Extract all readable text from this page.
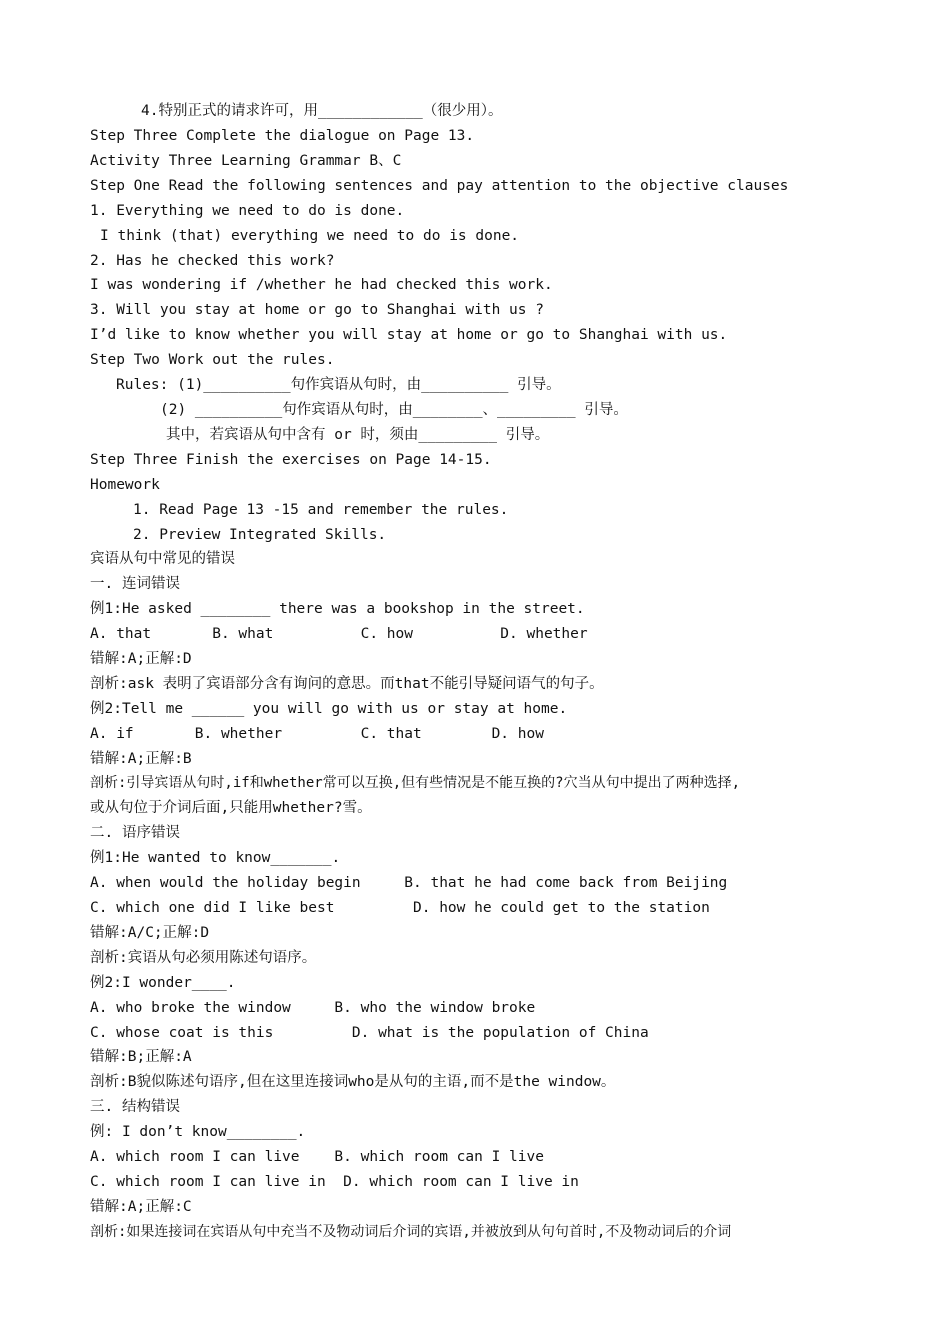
4.特别正式的请求许可，用____________（很少用）。
Step Three Complete the dialogue on Page 13.
Activity Three Learning Grammar B、C
Step One Read the following sentences and pay attention to the objective clauses
1. Everything we need to do is done.
I think (that) everything we need to do is done.
2. Has he checked this work?
I was wondering if /whether he had checked this work.
3. Will you stay at home or go to Shanghai with us ?
I’d like to know whether you will stay at home or go to Shanghai with us.
Step Two Work out the rules.
Rules: (1)__________句作宾语从句时，由__________ 引导。
(2) __________句作宾语从句时，由________、_________ 引导。
其中，若宾语从句中含有 or 时，须由_________ 引导。
Step Three Finish the exercises on Page 14-15.
Homework
1. Read Page 13 -15 and remember the rules.
2. Preview Integrated Skills.
宾语从句中常见的错误
一. 连词错误
例1:He asked ________ there was a bookshop in the street.
A. that       B. what          C. how          D. whether
错解:A;正解:D
剖析:ask 表明了宾语部分含有询问的意思。而that不能引导疑问语气的句子。
例2:Tell me ______ you will go with us or stay at home.
A. if       B. whether         C. that        D. how
错解:A;正解:B
剖析:引导宾语从句时,if和whether常可以互换,但有些情况是不能互换的?穴当从句中提出了两种选择,
或从句位于介词后面,只能用whether?雪。
二. 语序错误
例1:He wanted to know_______.
A. when would the holiday begin     B. that he had come back from Beijing
C. which one did I like best         D. how he could get to the station
错解:A/C;正解:D
剖析:宾语从句必须用陈述句语序。
例2:I wonder____.
A. who broke the window     B. who the window broke
C. whose coat is this         D. what is the population of China
错解:B;正解:A
剖析:B貌似陈述句语序,但在这里连接词who是从句的主语,而不是the window。
三. 结构错误
例: I don’t know________.
A. which room I can live    B. which room can I live
C. which room I can live in  D. which room can I live in
错解:A;正解:C
剖析:如果连接词在宾语从句中充当不及物动词后介词的宾语,并被放到从句句首时,不及物动词后的介词
